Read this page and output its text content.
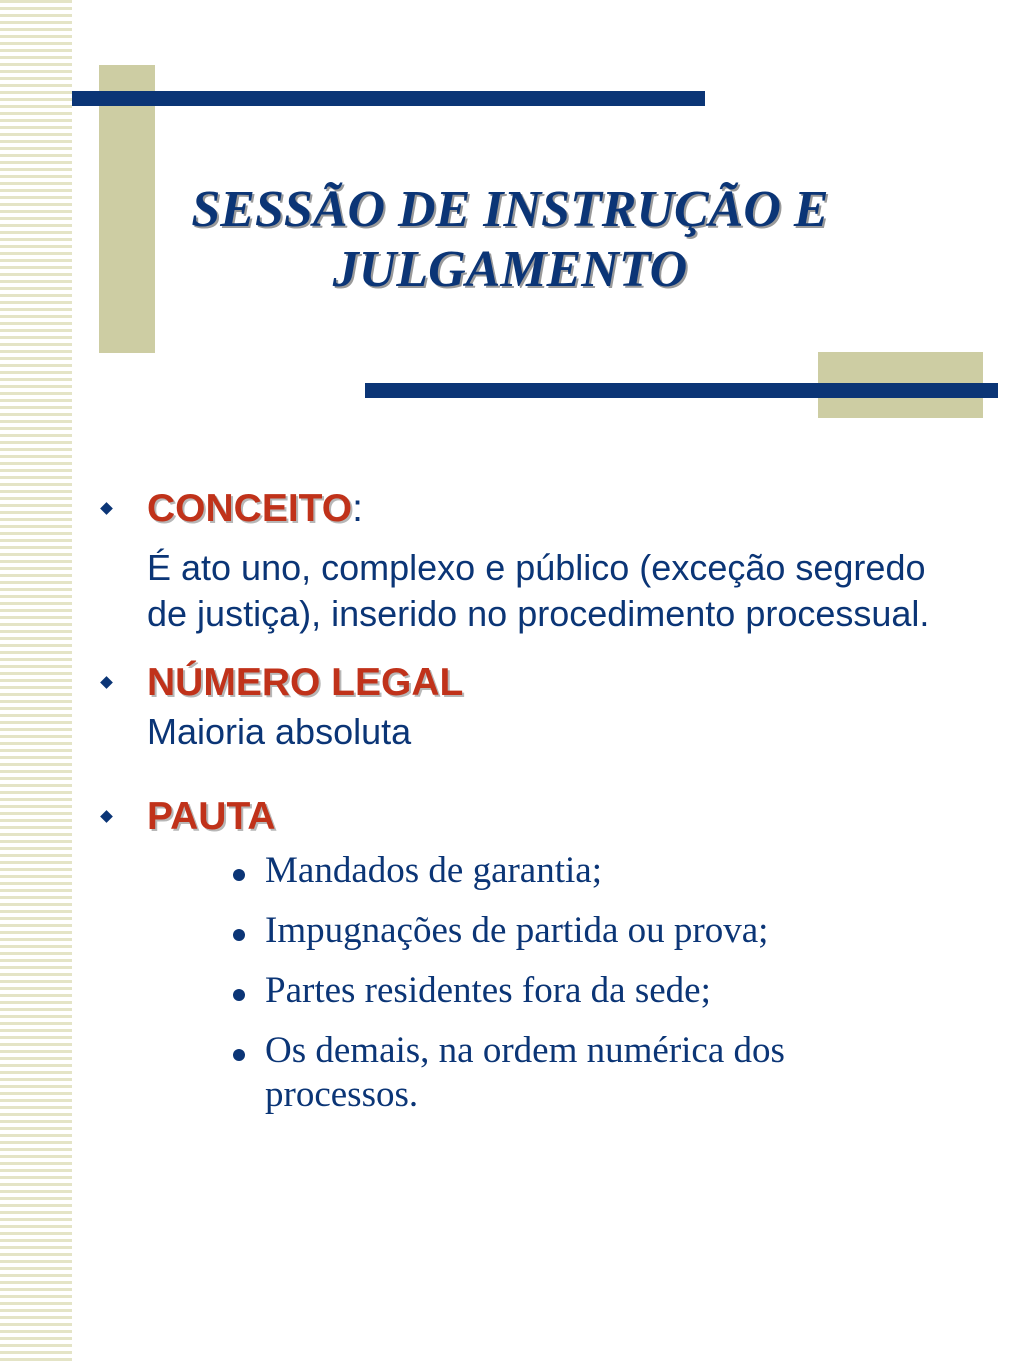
SESSÃO DE INSTRUÇÃO E
JULGAMENTO
CONCEITO:
É ato uno, complexo e público (exceção segredo de justiça), inserido no procedimento processual.
NÚMERO LEGAL
Maioria absoluta
PAUTA
Mandados de garantia;
Impugnações de partida ou prova;
Partes residentes fora da sede;
Os demais, na ordem numérica dos processos.
